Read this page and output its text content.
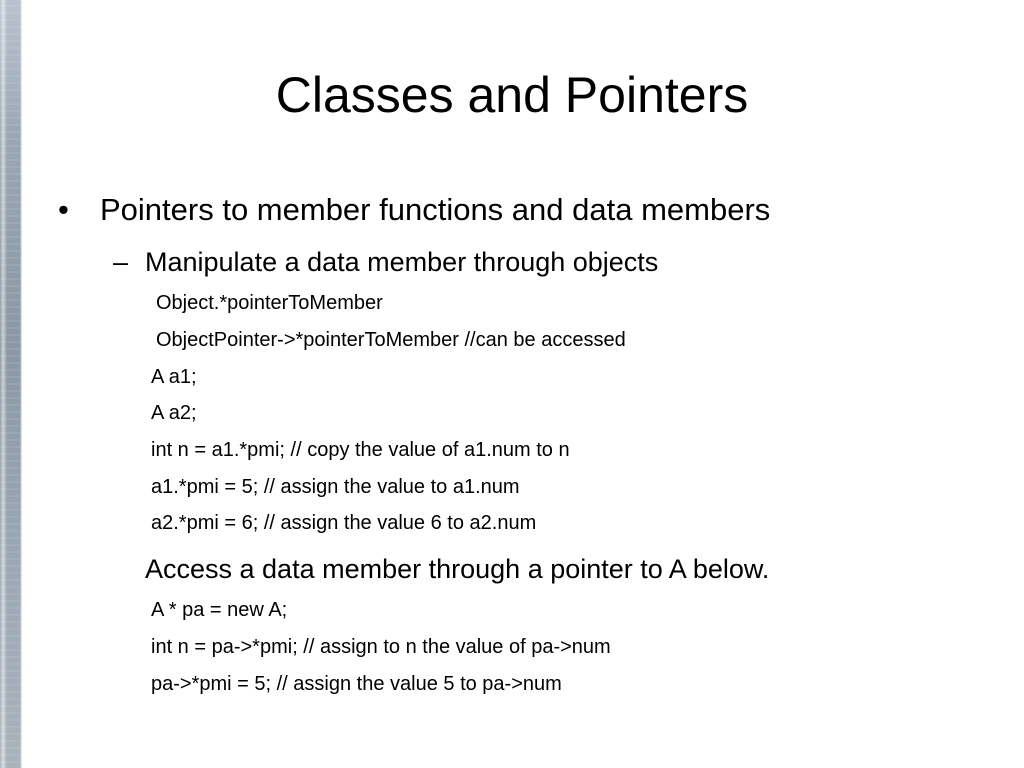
Classes and Pointers
• Pointers to member functions and data members
– Manipulate a data member through objects
Object.*pointerToMember
ObjectPointer->*pointerToMember //can be accessed
A a1;
A a2;
int n = a1.*pmi; // copy the value of a1.num to n
a1.*pmi = 5; // assign the value to a1.num
a2.*pmi = 6; // assign the value 6 to a2.num
Access a data member through a pointer to A below.
A * pa = new A;
int n = pa->*pmi; // assign to n the value of pa->num
pa->*pmi = 5; // assign the value 5 to pa->num
